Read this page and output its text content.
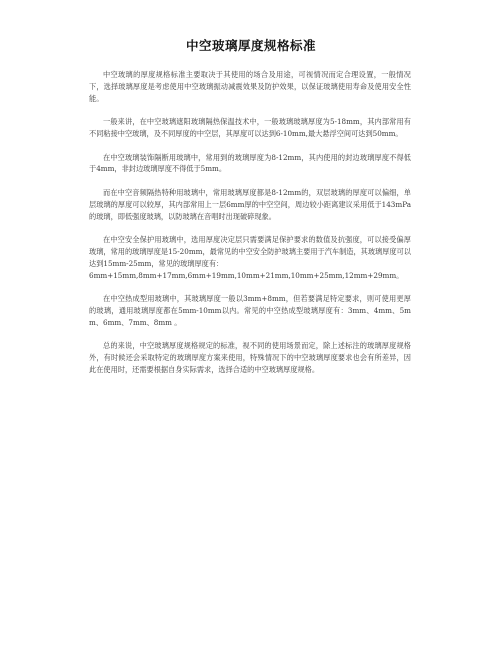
中空玻璃厚度规格标准

中空玻璃的厚度规格标准主要取决于其使用的场合及用途，可视情况而定合理设置，一般情况下，选择玻璃厚度是考虑使用中空玻璃振动减震效果及防护效果，以保证玻璃使用寿命及使用安全性能。

一般来讲，在中空玻璃遮阳玻璃隔热保温技术中，一般玻璃玻璃厚度为5-18mm，其内部常用有不同粘接中空玻璃，及不同厚度的中空层，其厚度可以达到6-10mm,最大悬浮空间可达到50mm。

在中空玻璃装饰隔断用玻璃中，常用到的玻璃厚度为8-12mm，其内使用的封边玻璃厚度不得低于4mm，非封边玻璃厚度不得低于5mm。

而在中空音频隔热特种用玻璃中，常用玻璃厚度都是8-12mm的，双层玻璃的厚度可以偏细，单层玻璃的厚度可以较厚，其内部常用上一层6mm厚的中空空间，周边较小距离建议采用低于143mPa的玻璃，即低强度玻璃，以防玻璃在音唱时出现破碎现象。

在中空安全保护用玻璃中，选用厚度决定层只需要满足保护要求的数值及抗强度，可以接受偏厚玻璃，常用的玻璃厚度是15-20mm，最常见的中空安全防护玻璃主要用于汽车制造，其玻璃厚度可以达到15mm-25mm，常见的玻璃厚度有：

6mm+15mm,8mm+17mm,6mm+19mm,10mm+21mm,10mm+25mm,12mm+29mm。

在中空热成型用玻璃中，其玻璃厚度一般以3mm+8mm，但若要满足特定要求，则可使用更厚的玻璃，通用玻璃厚度都在5mm-10mm以内。常见的中空热成型玻璃厚度有：3mm、4mm、5mm、6mm、7mm、8mm 。

总的来说，中空玻璃厚度规格规定的标准，视不同的使用场景而定，除上述标注的玻璃厚度规格外，有时候还会采取特定的玻璃厚度方案来使用，特殊情况下的中空玻璃厚度要求也会有所差异，因此在使用时，还需要根据自身实际需求，选择合适的中空玻璃厚度规格。
